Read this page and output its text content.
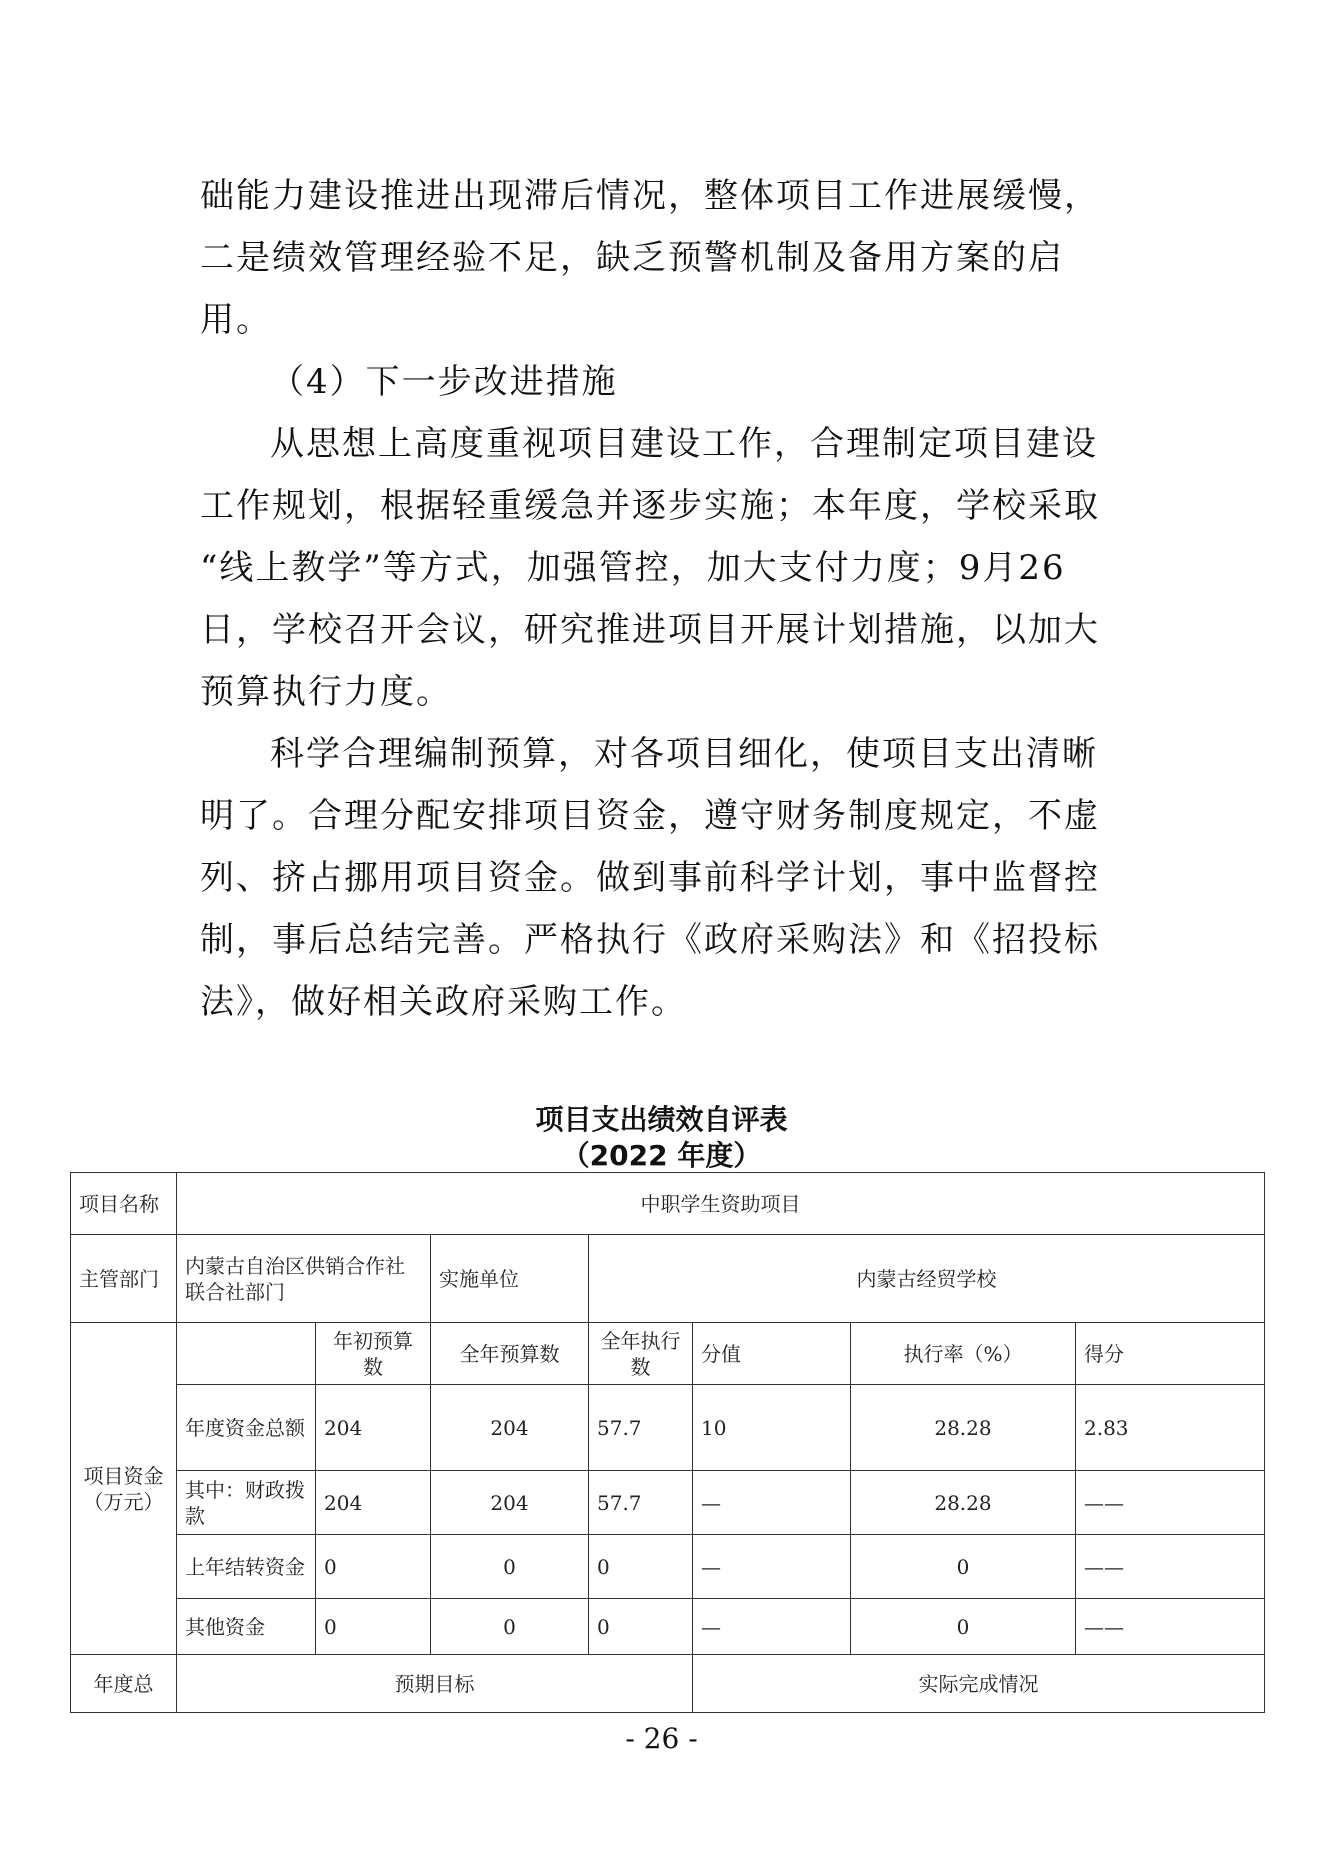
础能力建设推进出现滞后情况，整体项目工作进展缓慢，
二是绩效管理经验不足，缺乏预警机制及备用方案的启
用。
（4）下一步改进措施
从思想上高度重视项目建设工作，合理制定项目建设
工作规划，根据轻重缓急并逐步实施；本年度，学校采取
“线上教学”等方式，加强管控，加大支付力度；9月26
日，学校召开会议，研究推进项目开展计划措施，以加大
预算执行力度。
科学合理编制预算，对各项目细化，使项目支出清晰
明了。合理分配安排项目资金，遵守财务制度规定，不虚
列、挤占挪用项目资金。做到事前科学计划，事中监督控
制，事后总结完善。严格执行《政府采购法》和《招投标
法》，做好相关政府采购工作。
项目支出绩效自评表
（2022 年度）
项目名称	中职学生资助项目						
主管部门	内蒙古自治区供销合作社联合社部门		实施单位	内蒙古经贸学校			
项目资金（万元）		年初预算数	全年预算数	全年执行数	分值	执行率（%）	得分
	年度资金总额	204	204	57.7	10	28.28	2.83
	其中：财政拨 款	204	204	57.7	—	28.28	——
	上年结转资金	0	0	0	—	0	——
	其他资金	0	0	0	—	0	——
年度总	预期目标				实际完成情况		
- 26 -
